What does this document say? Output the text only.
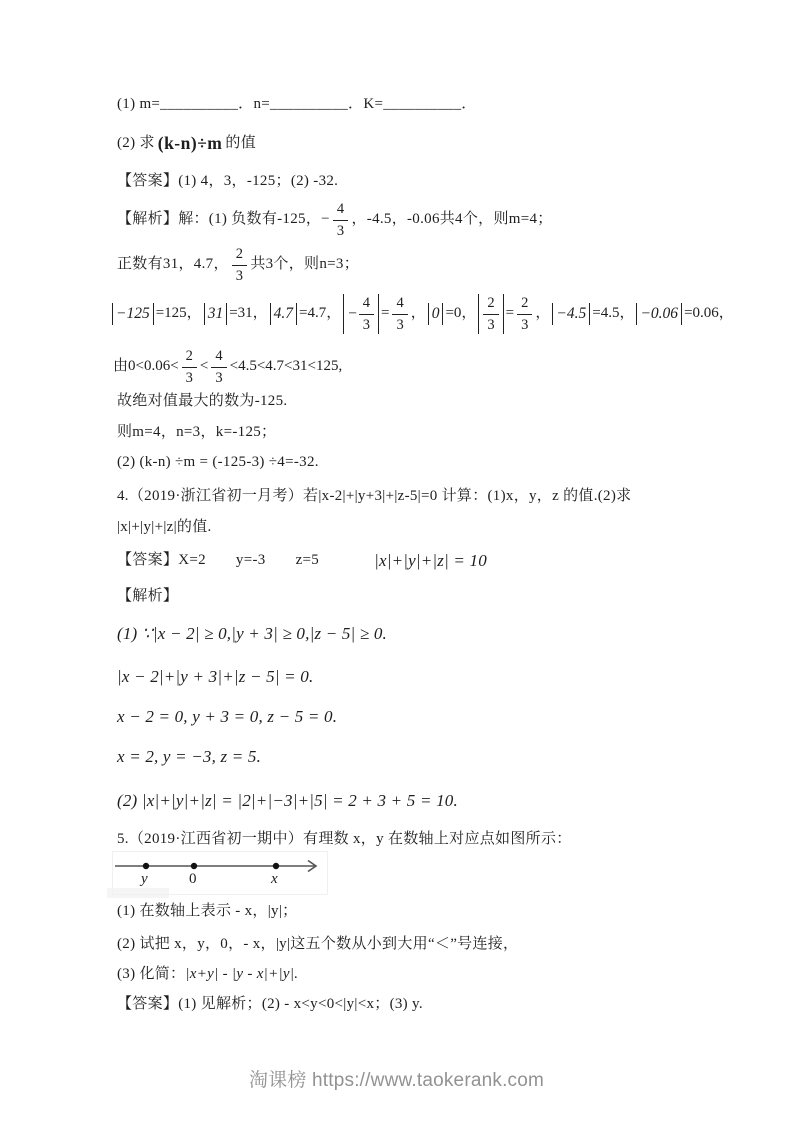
(1) m=__________．n=__________．K=__________．
(2) 求 (k-n)÷m 的值
【答案】(1) 4，3，-125；(2) -32.
【解析】解：(1) 负数有-125， − $\frac{4}{3}$ ，-4.5，-0.06共4个，则m=4；
正数有31，4.7， $\frac{2}{3}$ 共3个，则n=3；
−125 =125， 31 =31， 4.7 =4.7， − $\frac{4}{3} = \frac{4}{3}$ ， 0 =0， $\frac{2}{3} = \frac{2}{3}$ ， −4.5 =4.5， −0.06 =0.06，
由$0<0.06< \frac{2}{3} < \frac{4}{3} <4.5<4.7<31<125$,
故绝对值最大的数为-125.
则m=4，n=3，k=-125；
(2) (k-n) ÷m = (-125-3) ÷4=-32.
4.（2019·浙江省初一月考）若|x-2|+|y+3|+|z-5|=0 计算：(1)x，y，z 的值.(2)求
|x|+|y|+|z|的值.
【答案】 X=2 y=-3 z=5	|x|+|y|+|z| = 10
【解析】
(1) ∵|x − 2| ≥ 0,|y + 3| ≥ 0,|z − 5| ≥ 0.
|x − 2|+|y + 3|+|z − 5| = 0.
x − 2 = 0, y + 3 = 0, z − 5 = 0.
x = 2, y = −3, z = 5.
(2) |x|+|y|+|z| = |2|+|−3|+|5| = 2 + 3 + 5 = 10.
5.（2019·江西省初一期中）有理数 x，y 在数轴上对应点如图所示：
y	0	x
(1) 在数轴上表示 - x，|y|；
(2) 试把 x，y，0，- x，|y|这五个数从小到大用“＜”号连接，
(3) 化简：|x+y| - |y - x|+|y|.
【答案】(1) 见解析；(2) - x<y<0<|y|<x；(3) y.
淘课榜 https://www.taokerank.com
